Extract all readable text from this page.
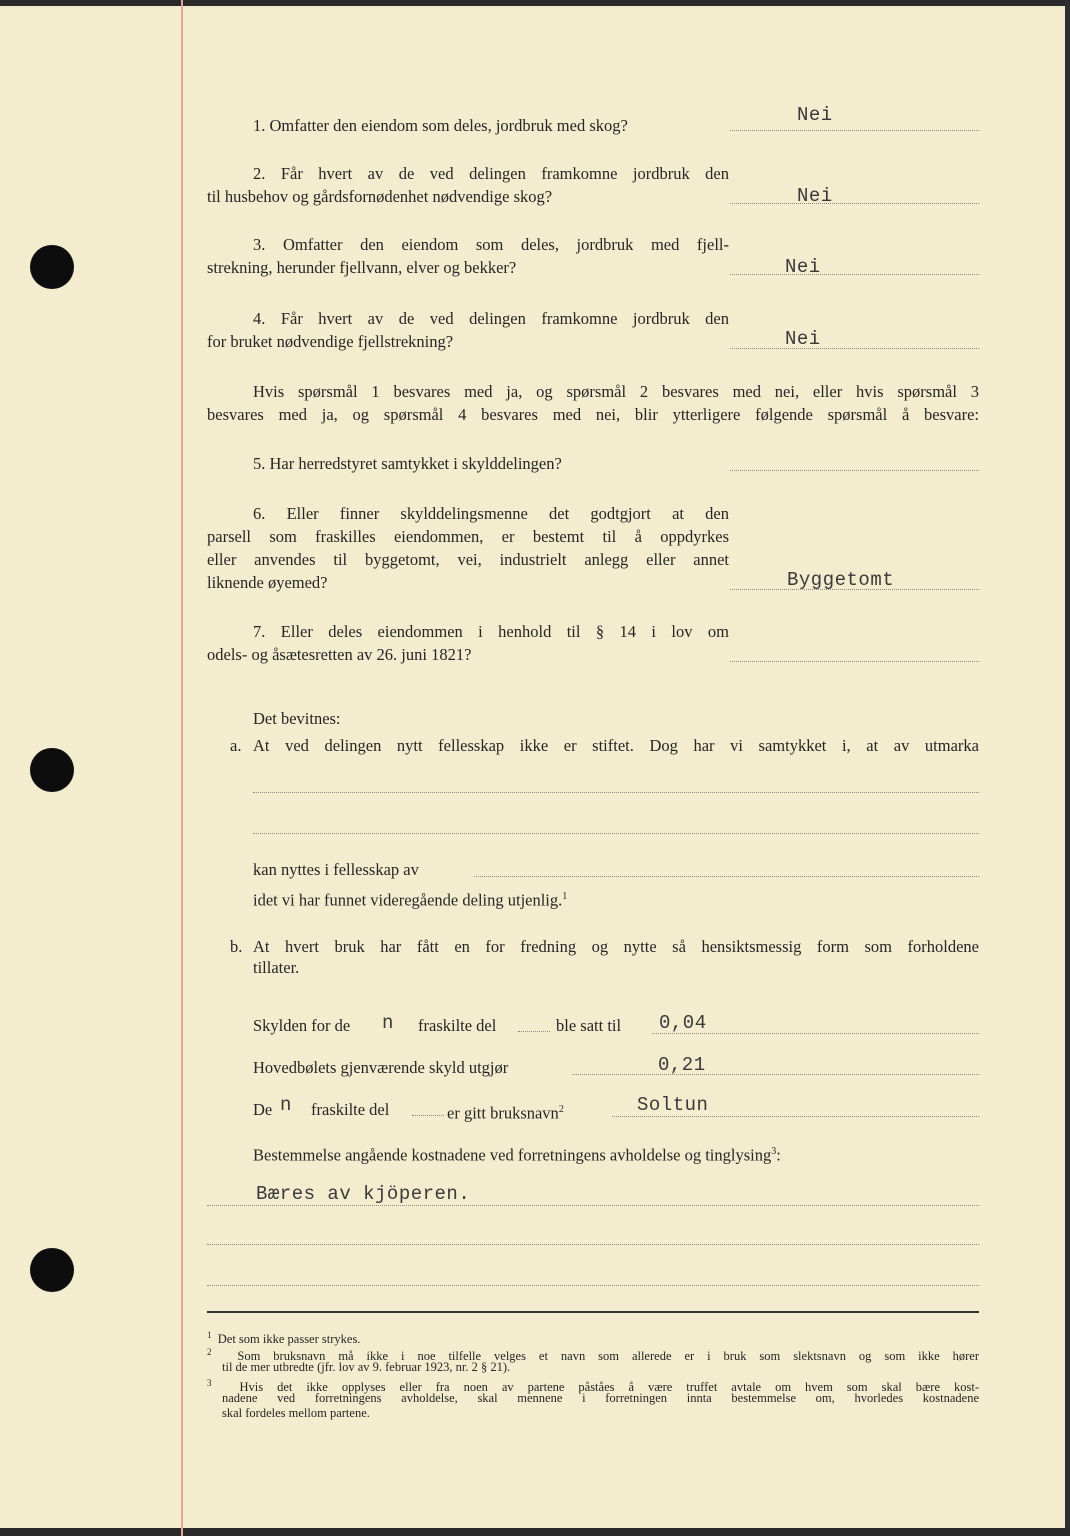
1. Omfatter den eiendom som deles, jordbruk med skog?	Nei
2. Får hvert av de ved delingen framkomne jordbruk den
til husbehov og gårdsfornødenhet nødvendige skog?	Nei
3. Omfatter den eiendom som deles, jordbruk med fjell-
strekning, herunder fjellvann, elver og bekker?	Nei
4. Får hvert av de ved delingen framkomne jordbruk den
for bruket nødvendige fjellstrekning?	Nei
Hvis spørsmål 1 besvares med ja, og spørsmål 2 besvares med nei, eller hvis spørsmål 3
besvares med ja, og spørsmål 4 besvares med nei, blir ytterligere følgende spørsmål å besvare:
5. Har herredstyret samtykket i skylddelingen?
6. Eller finner skylddelingsmenne det godtgjort at den
parsell som fraskilles eiendommen, er bestemt til å oppdyrkes
eller anvendes til byggetomt, vei, industrielt anlegg eller annet
liknende øyemed?	Byggetomt
7. Eller deles eiendommen i henhold til § 14 i lov om
odels- og åsætesretten av 26. juni 1821?
Det bevitnes:
a. At ved delingen nytt fellesskap ikke er stiftet. Dog har vi samtykket i, at av utmarka
kan nyttes i fellesskap av
idet vi har funnet videregående deling utjenlig.$^1$
b. At hvert bruk har fått en for fredning og nytte så hensiktsmessig form som forholdene
tillater.
Skylden for de n fraskilte del	ble satt til 0,04
Hovedbølets gjenværende skyld utgjør	0,21
De n fraskilte del	er gitt bruksnavn$^2$	Soltun
Bestemmelse angående kostnadene ved forretningens avholdelse og tinglysing$^3$:
Bæres av kjöperen.
$^1$ Det som ikke passer strykes.
$^2$ Som bruksnavn må ikke i noe tilfelle velges et navn som allerede er i bruk som slektsnavn og som ikke hører
til de mer utbredte (jfr. lov av 9. februar 1923, nr. 2 § 21).
$^3$ Hvis det ikke opplyses eller fra noen av partene påståes å være truffet avtale om hvem som skal bære kost-
nadene ved forretningens avholdelse, skal mennene i forretningen innta bestemmelse om, hvorledes kostnadene
skal fordeles mellom partene.
